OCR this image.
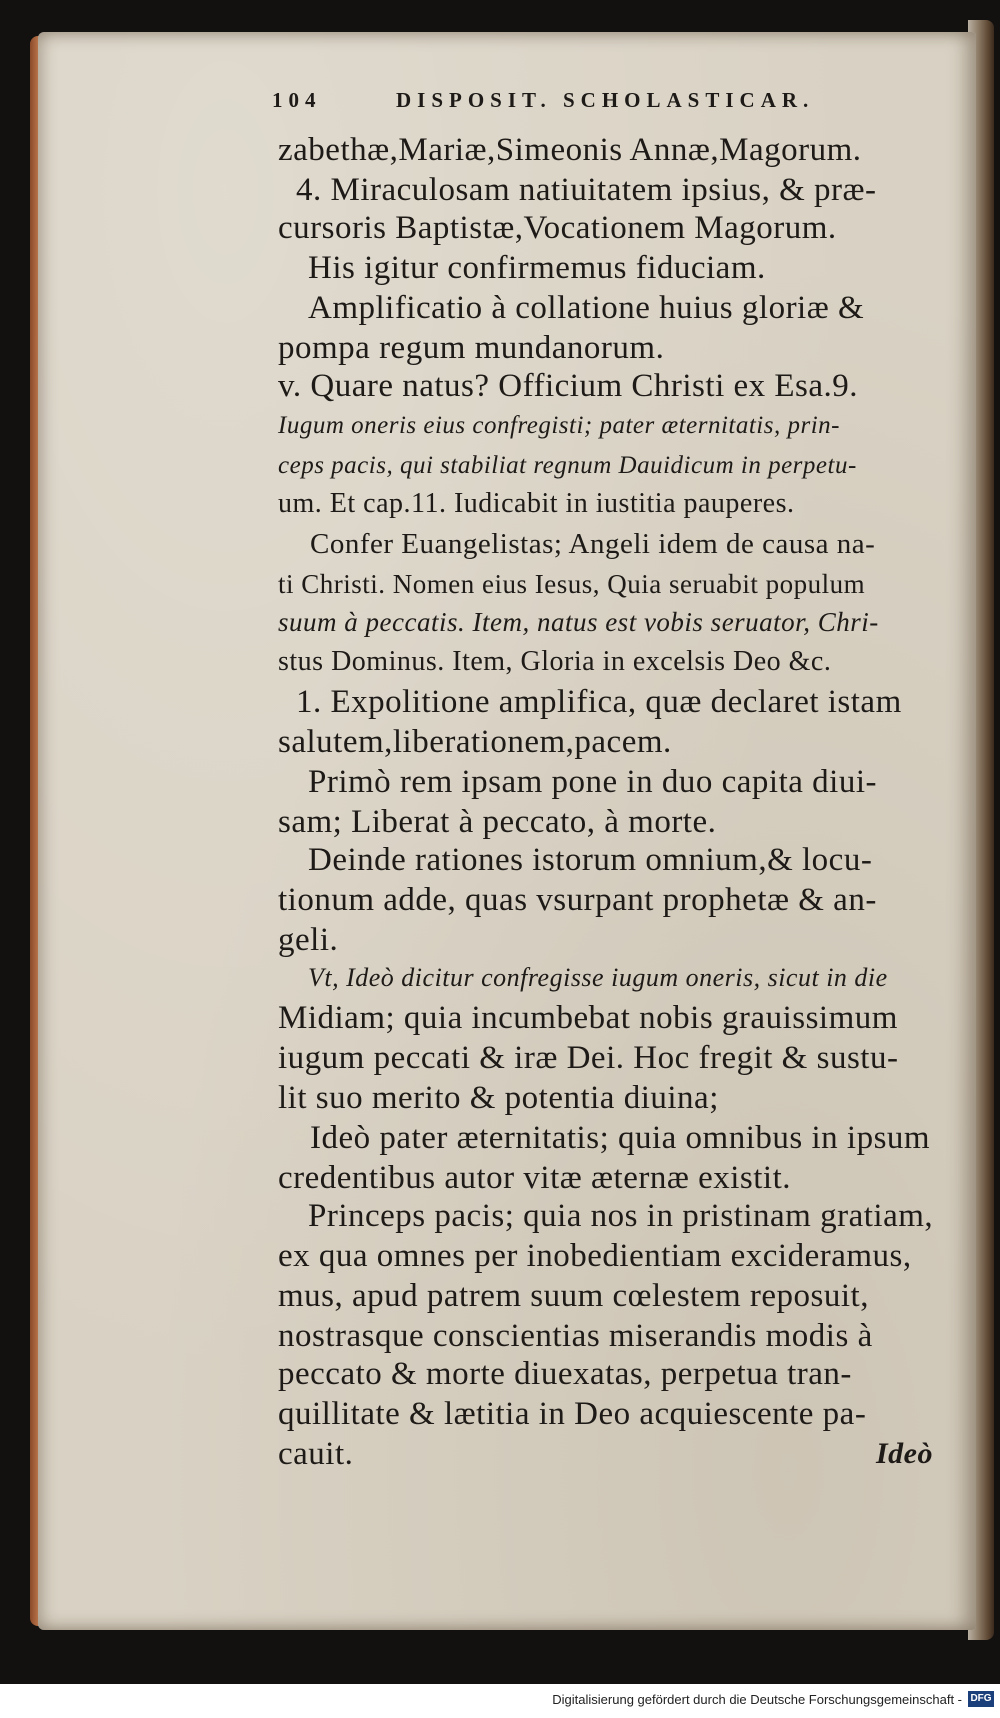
104	DISPOSIT. SCHOLASTICAR.
zabethæ,Mariæ,Simeonis Annæ,Magorum.
4. Miraculosam natiuitatem ipsius, & præ-
cursoris Baptistæ,Vocationem Magorum.
His igitur confirmemus fiduciam.
Amplificatio à collatione huius gloriæ &
pompa regum mundanorum.
v. Quare natus? Officium Christi ex Esa.9.
Iugum oneris eius confregisti; pater æternitatis, prin-
ceps pacis, qui stabiliat regnum Dauidicum in perpetu-
um. Et cap.11. Iudicabit in iustitia pauperes.
Confer Euangelistas; Angeli idem de causa na-
ti Christi. Nomen eius Iesus, Quia seruabit populum
suum à peccatis. Item, natus est vobis seruator, Chri-
stus Dominus. Item, Gloria in excelsis Deo &c.
1. Expolitione amplifica, quæ declaret istam
salutem,liberationem,pacem.
Primò rem ipsam pone in duo capita diui-
sam; Liberat à peccato, à morte.
Deinde rationes istorum omnium,& locu-
tionum adde, quas vsurpant prophetæ & an-
geli.
Vt, Ideò dicitur confregisse iugum oneris, sicut in die
Midiam; quia incumbebat nobis grauissimum
iugum peccati & iræ Dei. Hoc fregit & sustu-
lit suo merito & potentia diuina;
Ideò pater æternitatis; quia omnibus in ipsum
credentibus autor vitæ æternæ existit.
Princeps pacis; quia nos in pristinam gratiam,
ex qua omnes per inobedientiam excideramus,
mus, apud patrem suum cœlestem reposuit,
nostrasque conscientias miserandis modis à
peccato & morte diuexatas, perpetua tran-
quillitate & lætitia in Deo acquiescente pa-
cauit.	Ideò
Digitalisierung gefördert durch die Deutsche Forschungsgemeinschaft - DFG
